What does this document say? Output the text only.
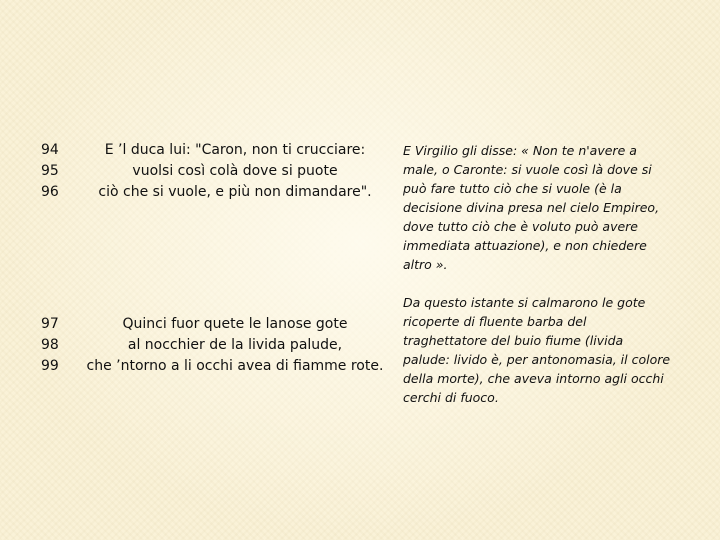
94
95
96
E ’l duca lui: "Caron, non ti crucciare:
vuolsi così colà dove si puote
ciò che si vuole, e più non dimandare".
E Virgilio gli disse: « Non te n'avere a
male, o Caronte: si vuole così là dove si
può fare tutto ciò che si vuole (è la
decisione divina presa nel cielo Empireo,
dove tutto ciò che è voluto può avere
immediata attuazione), e non chiedere
altro ».
97
98
99
Quinci fuor quete le lanose gote
al nocchier de la livida palude,
che ’ntorno a li occhi avea di fiamme rote.
Da questo istante si calmarono le gote
ricoperte di fluente barba del
traghettatore del buio fiume (livida
palude: livido è, per antonomasia, il colore
della morte), che aveva intorno agli occhi
cerchi di fuoco.
